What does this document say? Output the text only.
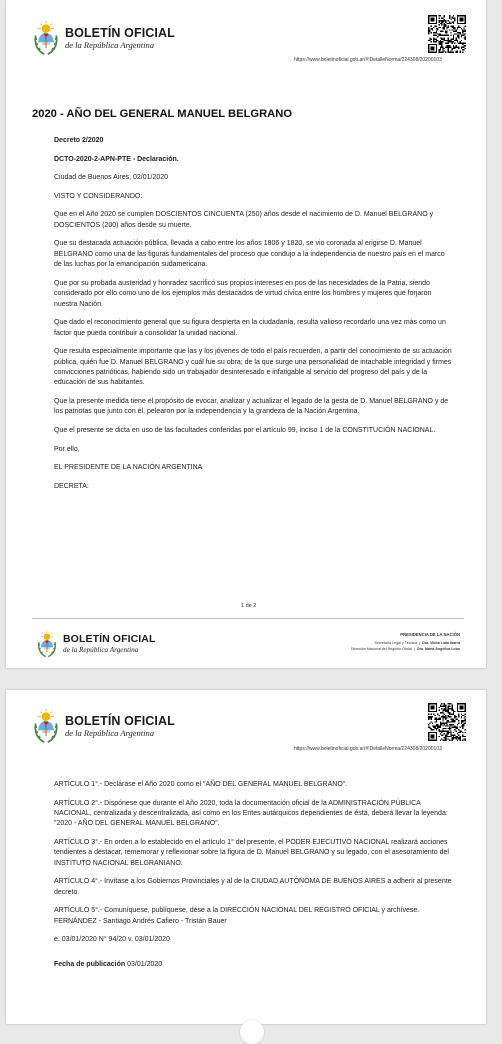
BOLETÍN OFICIAL
de la República Argentina
https://www.boletinoficial.gob.ar/#!DetalleNorma/224308/20200103
2020 - AÑO DEL GENERAL MANUEL BELGRANO

Decreto 2/2020

DCTO-2020-2-APN-PTE - Declaración.

Ciudad de Buenos Aires, 02/01/2020

VISTO Y CONSIDERANDO:

Que en el Año 2020 se cumplen DOSCIENTOS CINCUENTA (250) años desde el nacimiento de D. Manuel BELGRANO y DOSCIENTOS (200) años desde su muerte.

Que su destacada actuación pública, llevada a cabo entre los años 1806 y 1820, se vio coronada al erigirse D. Manuel BELGRANO como una de las figuras fundamentales del proceso que condujo a la independencia de nuestro país en el marco de las luchas por la emancipación sudamericana.

Que por su probada austeridad y honradez sacrificó sus propios intereses en pos de las necesidades de la Patria, siendo considerado por ello como uno de los ejemplos más destacados de virtud cívica entre los hombres y mujeres que forjaron nuestra Nación.

Que dado el reconocimiento general que su figura despierta en la ciudadanía, resulta valioso recordarlo una vez más como un factor que pueda contribuir a consolidar la unidad nacional.

Que resulta especialmente importante que las y los jóvenes de todo el país recuerden, a partir del conocimiento de su actuación pública, quién fue D. Manuel BELGRANO y cuál fue su obra; de la que surge una personalidad de intachable integridad y firmes convicciones patrióticas, habiendo sido un trabajador desinteresado e infatigable al servicio del progreso del país y de la educación de sus habitantes.

Que la presente medida tiene el propósito de evocar, analizar y actualizar el legado de la gesta de D. Manuel BELGRANO y de los patriotas que junto con él, pelearon por la independencia y la grandeza de la Nación Argentina.

Que el presente se dicta en uso de las facultades conferidas por el artículo 99, inciso 1 de la CONSTITUCIÓN NACIONAL.

Por ello,

EL PRESIDENTE DE LA NACIÓN ARGENTINA

DECRETA:

1 de 2
BOLETÍN OFICIAL
de la República Argentina
PRESIDENCIA DE LA NACIÓN
Secretaría Legal y Técnica | Dra. Vilma Lidia Ibarra
Dirección Nacional del Registro Oficial | Dra. María Angélica Lobo
BOLETÍN OFICIAL
de la República Argentina
https://www.boletinoficial.gob.ar/#!DetalleNorma/224308/20200103

ARTÍCULO 1°.- Declárase el Año 2020 como el "AÑO DEL GENERAL MANUEL BELGRANO".

ARTÍCULO 2°.- Dispónese que durante el Año 2020, toda la documentación oficial de la ADMINISTRACIÓN PÚBLICA NACIONAL, centralizada y descentralizada, así como en los Entes autárquicos dependientes de ésta, deberá llevar la leyenda: "2020 - AÑO DEL GENERAL MANUEL BELGRANO".

ARTÍCULO 3°.- En orden a lo establecido en el artículo 1° del presente, el PODER EJECUTIVO NACIONAL realizará acciones tendientes a destacar, rememorar y reflexionar sobre la figura de D. Manuel BELGRANO y su legado, con el asesoramiento del INSTITUTO NACIONAL BELGRANIANO.

ARTÍCULO 4°.- Invítase a los Gobiernos Provinciales y al de la CIUDAD AUTÓNOMA DE BUENOS AIRES a adherir al presente decreto.

ARTÍCULO 5°.- Comuníquese, publíquese, dése a la DIRECCIÓN NACIONAL DEL REGISTRO OFICIAL y archívese. FERNÁNDEZ - Santiago Andrés Cafiero - Tristán Bauer

e. 03/01/2020 N° 94/20 v. 03/01/2020

Fecha de publicación 03/01/2020
